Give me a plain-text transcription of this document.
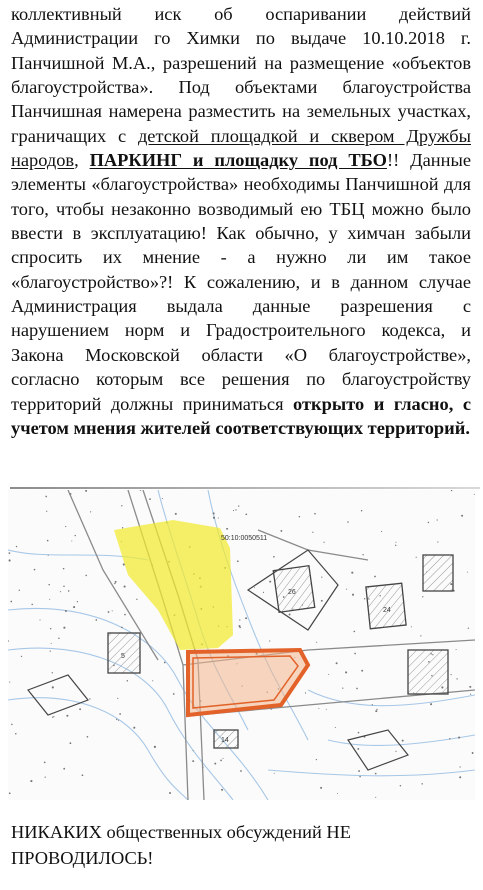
коллективный иск об оспаривании действий Администрации го Химки по выдаче 10.10.2018 г. Панчишной М.А., разрешений на размещение «объектов благоустройства». Под объектами благоустройства Панчишная намерена разместить на земельных участках, граничащих с детской площадкой и сквером Дружбы народов, ПАРКИНГ и площадку под ТБО!! Данные элементы «благоустройства» необходимы Панчишной для того, чтобы незаконно возводимый ею ТБЦ можно было ввести в эксплуатацию! Как обычно, у химчан забыли спросить их мнение - а нужно ли им такое «благоустройство»?! К сожалению, и в данном случае Администрация выдала данные разрешения с нарушением норм и Градостроительного кодекса, и Закона Московской области «О благоустройстве», согласно которым все решения по благоустройству территорий должны приниматься открыто и гласно, с учетом мнения жителей соответствующих территорий.
50:10:0050511
26
24
5
14
НИКАКИХ общественных обсуждений НЕ ПРОВОДИЛОСЬ!
